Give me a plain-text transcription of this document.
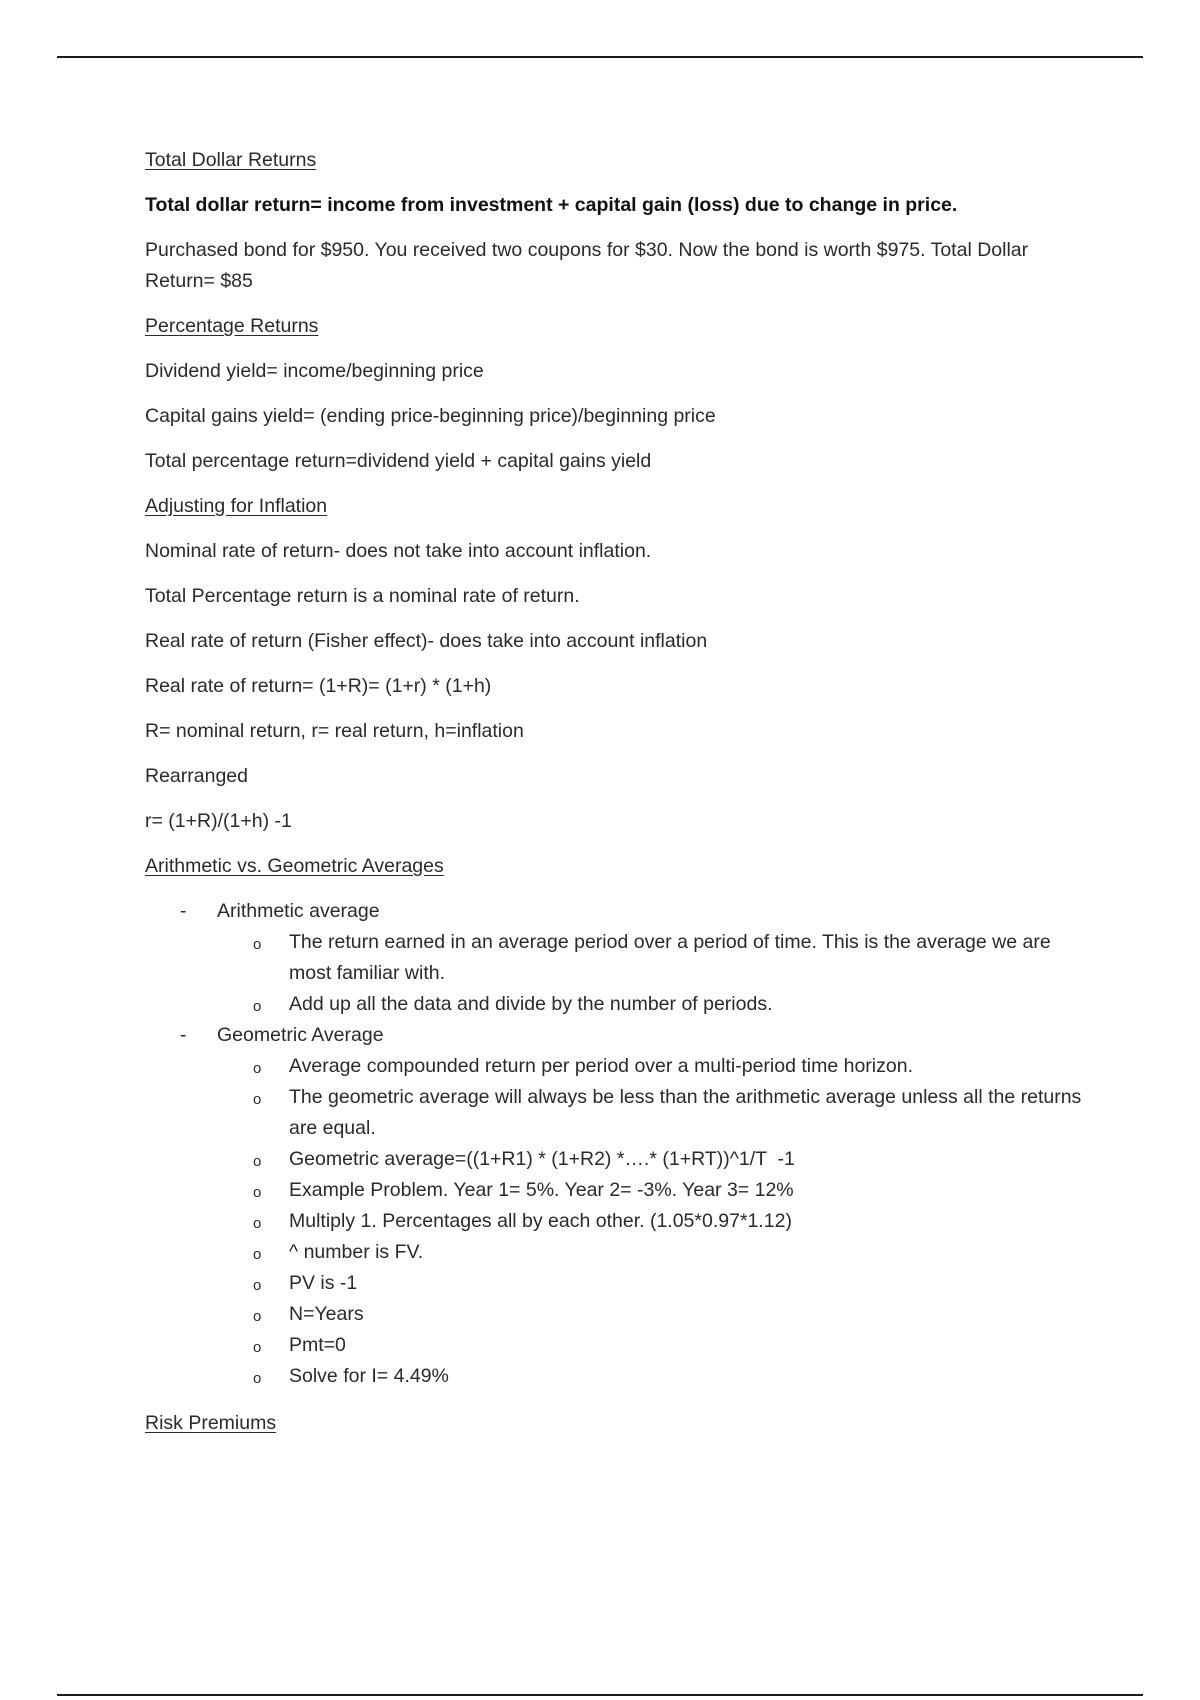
Total Dollar Returns

Total dollar return= income from investment + capital gain (loss) due to change in price.

Purchased bond for $950. You received two coupons for $30. Now the bond is worth $975. Total Dollar Return= $85

Percentage Returns

Dividend yield= income/beginning price

Capital gains yield= (ending price-beginning price)/beginning price

Total percentage return=dividend yield + capital gains yield

Adjusting for Inflation

Nominal rate of return- does not take into account inflation.

Total Percentage return is a nominal rate of return.

Real rate of return (Fisher effect)- does take into account inflation

Real rate of return= (1+R)= (1+r) * (1+h)

R= nominal return, r= real return, h=inflation

Rearranged

r= (1+R)/(1+h) -1

Arithmetic vs. Geometric Averages

- Arithmetic average
o The return earned in an average period over a period of time. This is the average we are most familiar with.
o Add up all the data and divide by the number of periods.
- Geometric Average
o Average compounded return per period over a multi-period time horizon.
o The geometric average will always be less than the arithmetic average unless all the returns are equal.
o Geometric average=((1+R1) * (1+R2) *….* (1+RT))^1/T  -1
o Example Problem. Year 1= 5%. Year 2= -3%. Year 3= 12%
o Multiply 1. Percentages all by each other. (1.05*0.97*1.12)
o ^ number is FV.
o PV is -1
o N=Years
o Pmt=0
o Solve for I= 4.49%

Risk Premiums
